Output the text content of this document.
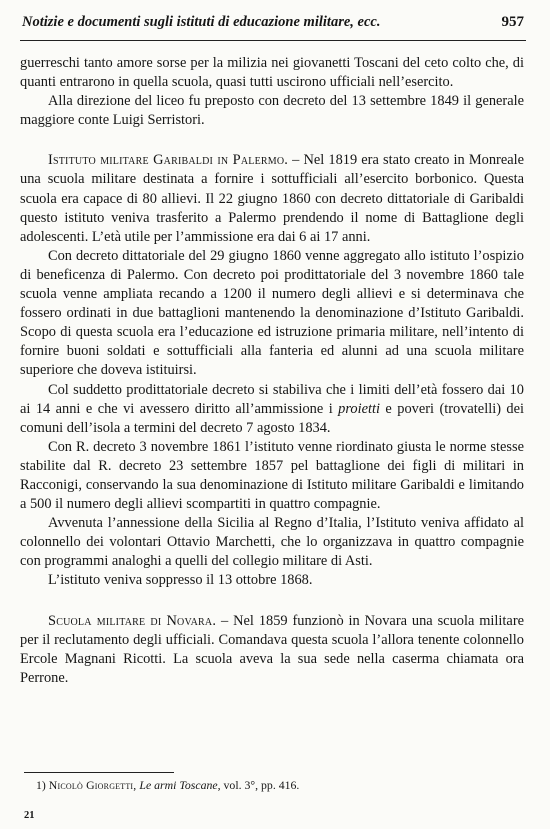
Notizie e documenti sugli istituti di educazione militare, ecc.	957

guerreschi tanto amore sorse per la milizia nei giovanetti Toscani del ceto colto che, di quanti entrarono in quella scuola, quasi tutti uscirono ufficiali nell’esercito.

Alla direzione del liceo fu preposto con decreto del 13 settembre 1849 il generale maggiore conte Luigi Serristori.

Istituto militare Garibaldi in Palermo. – Nel 1819 era stato creato in Monreale una scuola militare destinata a fornire i sottufficiali all’esercito borbonico. Questa scuola era capace di 80 allievi. Il 22 giugno 1860 con decreto dittatoriale di Garibaldi questo istituto veniva trasferito a Palermo prendendo il nome di Battaglione degli adolescenti. L’età utile per l’ammissione era dai 6 ai 17 anni.

Con decreto dittatoriale del 29 giugno 1860 venne aggregato allo istituto l’ospizio di beneficenza di Palermo. Con decreto poi prodittatoriale del 3 novembre 1860 tale scuola venne ampliata recando a 1200 il numero degli allievi e si determinava che fossero ordinati in due battaglioni mantenendo la denominazione d’Istituto Garibaldi. Scopo di questa scuola era l’educazione ed istruzione primaria militare, nell’intento di fornire buoni soldati e sottufficiali alla fanteria ed alunni ad una scuola militare superiore che doveva istituirsi.

Col suddetto prodittatoriale decreto si stabiliva che i limiti dell’età fossero dai 10 ai 14 anni e che vi avessero diritto all’ammissione i proietti e poveri (trovatelli) dei comuni dell’isola a termini del decreto 7 agosto 1834.

Con R. decreto 3 novembre 1861 l’istituto venne riordinato giusta le norme stesse stabilite dal R. decreto 23 settembre 1857 pel battaglione dei figli di militari in Racconigi, conservando la sua denominazione di Istituto militare Garibaldi e limitando a 500 il numero degli allievi scompartiti in quattro compagnie.

Avvenuta l’annessione della Sicilia al Regno d’Italia, l’Istituto veniva affidato al colonnello dei volontari Ottavio Marchetti, che lo organizzava in quattro compagnie con programmi analoghi a quelli del collegio militare di Asti.

L’istituto veniva soppresso il 13 ottobre 1868.

Scuola militare di Novara. – Nel 1859 funzionò in Novara una scuola militare per il reclutamento degli ufficiali. Comandava questa scuola l’allora tenente colonnello Ercole Magnani Ricotti. La scuola aveva la sua sede nella caserma chiamata ora Perrone.

1) Nicolò Giorgetti, Le armi Toscane, vol. 3°, pp. 416.
21
